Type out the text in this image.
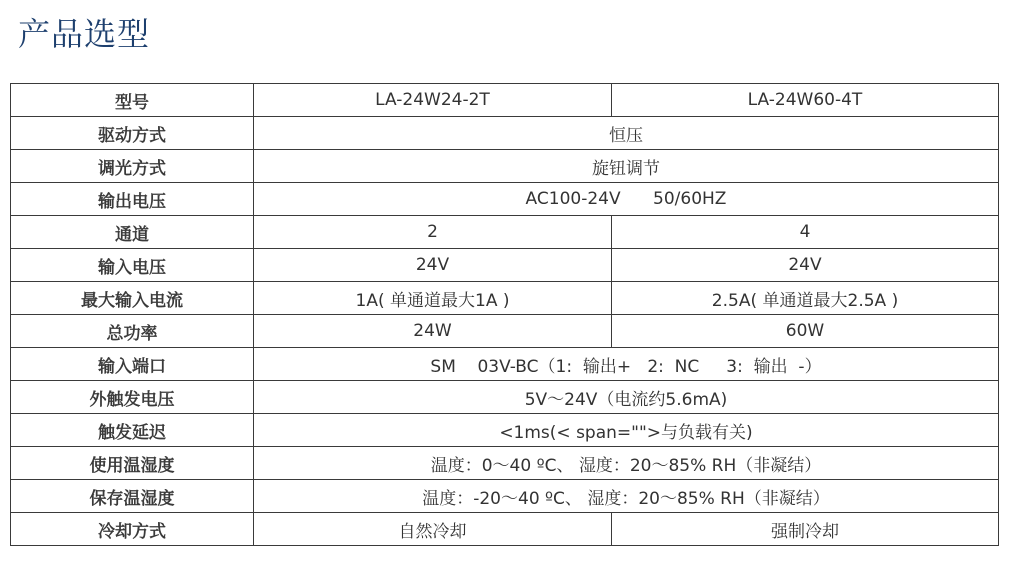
产品选型
型号	LA-24W24-2T	LA-24W60-4T
驱动方式	恒压	
调光方式	旋钮调节	
输出电压	AC100-24V      50/60HZ	
通道	2	4
输入电压	24V	24V
最大输入电流	1A( 单通道最大1A )	2.5A( 单通道最大2.5A )
总功率	24W	60W
输入端口	SM    03V-BC（1:  输出+   2:  NC     3:  输出  -）	
外触发电压	5V～24V（电流约5.6mA)	
触发延迟	<1ms(< span="">与负载有关)	
使用温湿度	温度：0～40 ºC、 湿度：20～85% RH（非凝结）	
保存温湿度	温度：-20～40 ºC、 湿度：20～85% RH（非凝结）	
冷却方式	自然冷却	强制冷却
